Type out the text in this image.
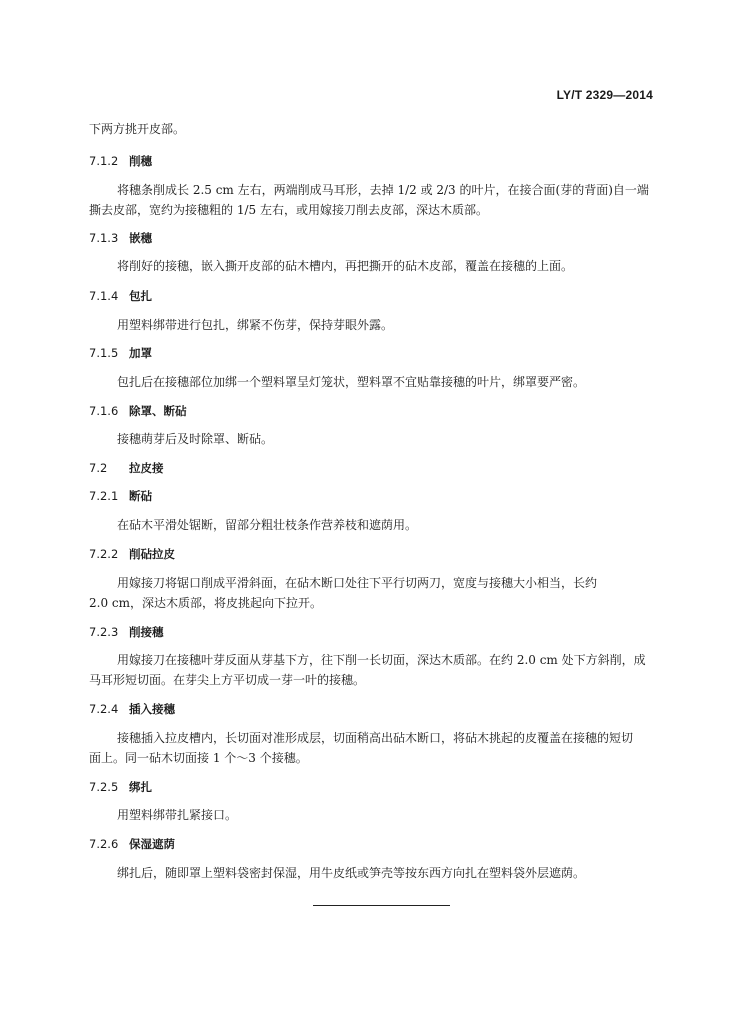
LY/T 2329—2014
下两方挑开皮部。
7.1.2 削穗
将穗条削成长 2.5 cm 左右，两端削成马耳形，去掉 1/2 或 2/3 的叶片，在接合面(芽的背面)自一端
撕去皮部，宽约为接穗粗的 1/5 左右，或用嫁接刀削去皮部，深达木质部。
7.1.3 嵌穗
将削好的接穗，嵌入撕开皮部的砧木槽内，再把撕开的砧木皮部，覆盖在接穗的上面。
7.1.4 包扎
用塑料绑带进行包扎，绑紧不伤芽，保持芽眼外露。
7.1.5 加罩
包扎后在接穗部位加绑一个塑料罩呈灯笼状，塑料罩不宜贴靠接穗的叶片，绑罩要严密。
7.1.6 除罩、断砧
接穗萌芽后及时除罩、断砧。
7.2 拉皮接
7.2.1 断砧
在砧木平滑处锯断，留部分粗壮枝条作营养枝和遮荫用。
7.2.2 削砧拉皮
用嫁接刀将锯口削成平滑斜面，在砧木断口处往下平行切两刀，宽度与接穗大小相当，长约
2.0 cm，深达木质部，将皮挑起向下拉开。
7.2.3 削接穗
用嫁接刀在接穗叶芽反面从芽基下方，往下削一长切面，深达木质部。在约 2.0 cm 处下方斜削，成
马耳形短切面。在芽尖上方平切成一芽一叶的接穗。
7.2.4 插入接穗
接穗插入拉皮槽内，长切面对准形成层，切面稍高出砧木断口，将砧木挑起的皮覆盖在接穗的短切
面上。同一砧木切面接 1 个～3 个接穗。
7.2.5 绑扎
用塑料绑带扎紧接口。
7.2.6 保湿遮荫
绑扎后，随即罩上塑料袋密封保湿，用牛皮纸或笋壳等按东西方向扎在塑料袋外层遮荫。
